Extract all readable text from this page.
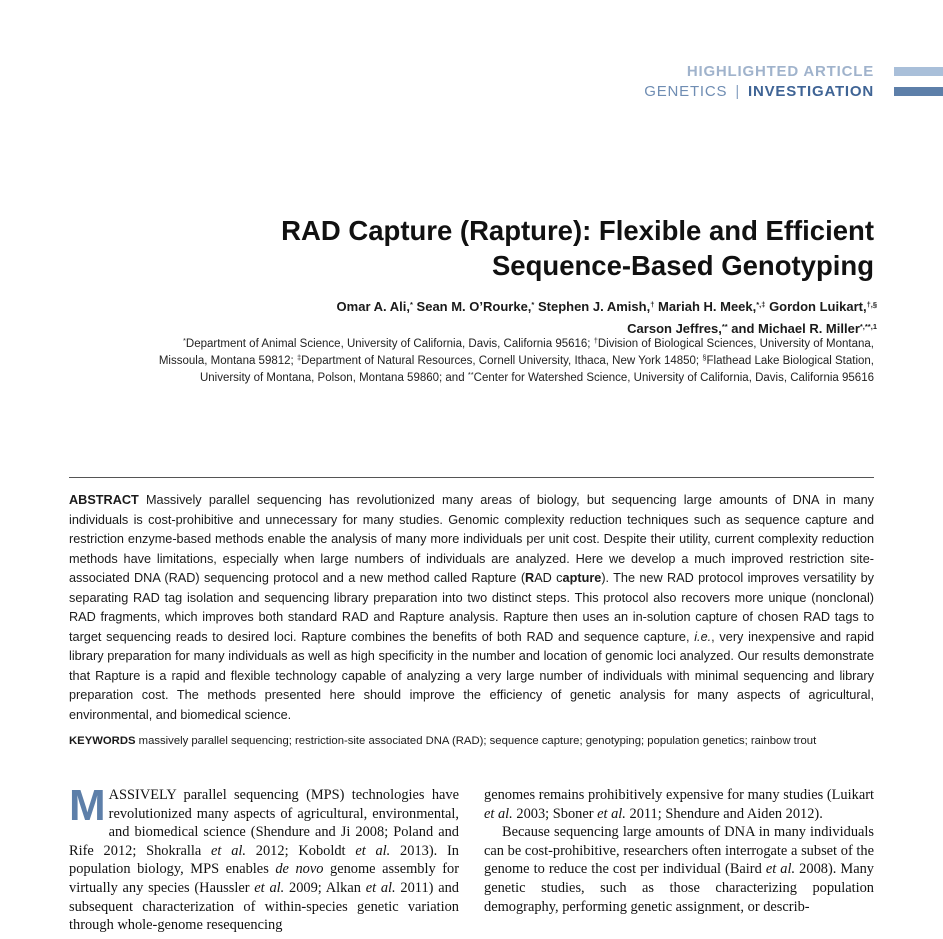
HIGHLIGHTED ARTICLE
GENETICS | INVESTIGATION
RAD Capture (Rapture): Flexible and Efficient
Sequence-Based Genotyping
Omar A. Ali,* Sean M. O’Rourke,* Stephen J. Amish,† Mariah H. Meek,*,‡ Gordon Luikart,†,§
Carson Jeffres,** and Michael R. Miller$^{*,**,1}$
*Department of Animal Science, University of California, Davis, California 95616; †Division of Biological Sciences, University of Montana, Missoula, Montana 59812; ‡Department of Natural Resources, Cornell University, Ithaca, New York 14850; §Flathead Lake Biological Station, University of Montana, Polson, Montana 59860; and **Center for Watershed Science, University of California, Davis, California 95616
ABSTRACT Massively parallel sequencing has revolutionized many areas of biology, but sequencing large amounts of DNA in many individuals is cost-prohibitive and unnecessary for many studies. Genomic complexity reduction techniques such as sequence capture and restriction enzyme-based methods enable the analysis of many more individuals per unit cost. Despite their utility, current complexity reduction methods have limitations, especially when large numbers of individuals are analyzed. Here we develop a much improved restriction site-associated DNA (RAD) sequencing protocol and a new method called Rapture (RAD capture). The new RAD protocol improves versatility by separating RAD tag isolation and sequencing library preparation into two distinct steps. This protocol also recovers more unique (nonclonal) RAD fragments, which improves both standard RAD and Rapture analysis. Rapture then uses an in-solution capture of chosen RAD tags to target sequencing reads to desired loci. Rapture combines the benefits of both RAD and sequence capture, i.e., very inexpensive and rapid library preparation for many individuals as well as high specificity in the number and location of genomic loci analyzed. Our results demonstrate that Rapture is a rapid and flexible technology capable of analyzing a very large number of individuals with minimal sequencing and library preparation cost. The methods presented here should improve the efficiency of genetic analysis for many aspects of agricultural, environmental, and biomedical science.
KEYWORDS massively parallel sequencing; restriction-site associated DNA (RAD); sequence capture; genotyping; population genetics; rainbow trout

MASSIVELY parallel sequencing (MPS) technologies have revolutionized many aspects of agricultural, environmental, and biomedical science (Shendure and Ji 2008; Poland and Rife 2012; Shokralla et al. 2012; Koboldt et al. 2013). In population biology, MPS enables de novo genome assembly for virtually any species (Haussler et al. 2009; Alkan et al. 2011) and subsequent characterization of within-species genetic variation through whole-genome resequencing

genomes remains prohibitively expensive for many studies (Luikart et al. 2003; Sboner et al. 2011; Shendure and Aiden 2012).

Because sequencing large amounts of DNA in many individuals can be cost-prohibitive, researchers often interrogate a subset of the genome to reduce the cost per individual (Baird et al. 2008). Many genetic studies, such as those characterizing population demography, performing genetic assignment, or describ-
